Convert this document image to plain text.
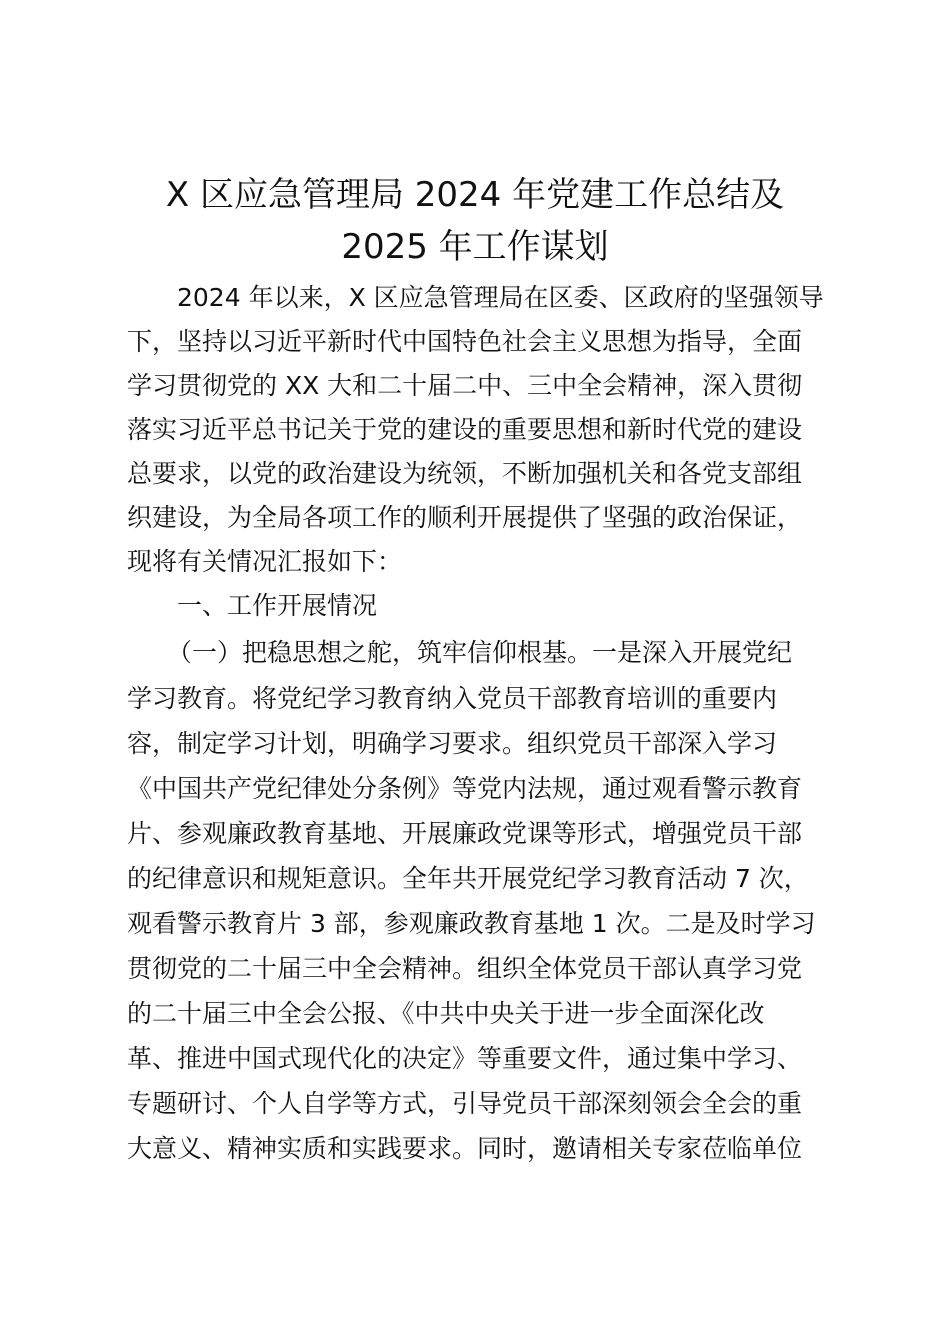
X 区应急管理局 2024 年党建工作总结及
2025 年工作谋划

2024 年以来，X 区应急管理局在区委、区政府的坚强领导

下，坚持以习近平新时代中国特色社会主义思想为指导，全面

学习贯彻党的 XX 大和二十届二中、三中全会精神，深入贯彻

落实习近平总书记关于党的建设的重要思想和新时代党的建设

总要求，以党的政治建设为统领，不断加强机关和各党支部组

织建设，为全局各项工作的顺利开展提供了坚强的政治保证，

现将有关情况汇报如下：

一、工作开展情况

（一）把稳思想之舵，筑牢信仰根基。一是深入开展党纪

学习教育。将党纪学习教育纳入党员干部教育培训的重要内

容，制定学习计划，明确学习要求。组织党员干部深入学习

《中国共产党纪律处分条例》等党内法规，通过观看警示教育

片、参观廉政教育基地、开展廉政党课等形式，增强党员干部

的纪律意识和规矩意识。全年共开展党纪学习教育活动 7 次，

观看警示教育片 3 部，参观廉政教育基地 1 次。二是及时学习

贯彻党的二十届三中全会精神。组织全体党员干部认真学习党

的二十届三中全会公报、《中共中央关于进一步全面深化改

革、推进中国式现代化的决定》等重要文件，通过集中学习、

专题研讨、个人自学等方式，引导党员干部深刻领会全会的重

大意义、精神实质和实践要求。同时，邀请相关专家莅临单位
